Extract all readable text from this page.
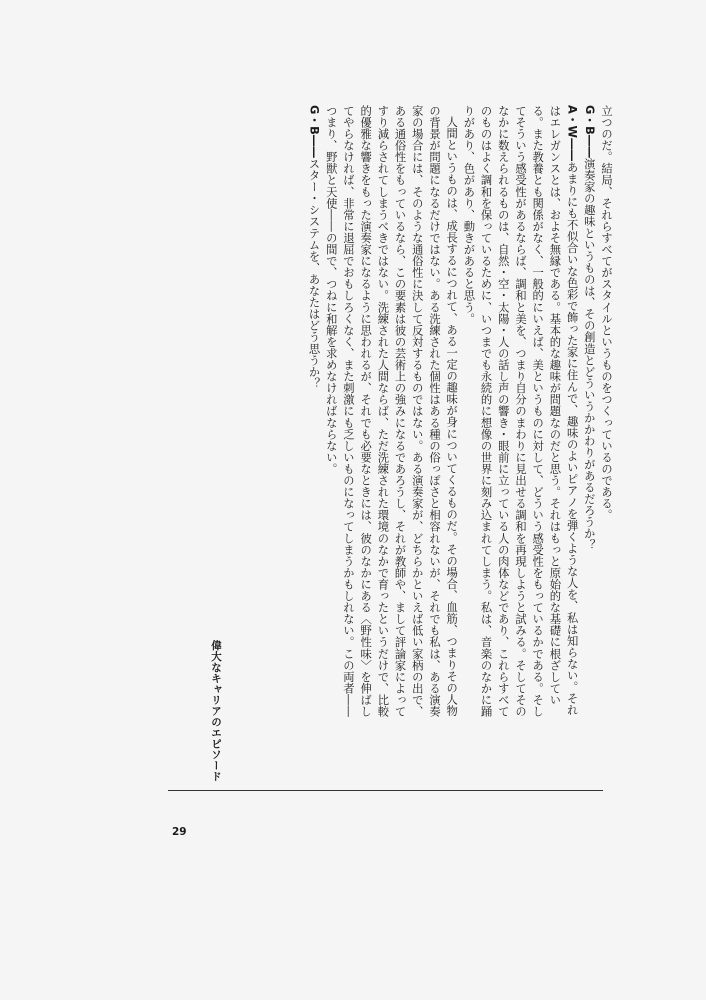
立つのだ。結局、それらすべてがスタイルというものをつくっているのである。

G・B――演奏家の趣味というものは、その創造とどういうかかわりがあるだろうか？

A・W――あまりにも不似合いな色彩で飾った家に住んで、趣味のよいピアノを弾くような人を、私は知らない。それはエレガンスとは、およそ無縁である。基本的な趣味が問題なのだと思う。それはもっと原始的な基礎に根ざしている。また教養とも関係がなく、一般的にいえば、美というものに対して、どういう感受性をもっているかである。そしてそういう感受性があるならば、調和と美を、つまり自分のまわりに見出せる調和を再現しようと試みる。そしてそのなかに数えられるものは、自然・空・太陽・人の話し声の響き・眼前に立っている人の肉体などであり、これらすべてのものはよく調和を保っているために、いつまでも永続的に想像の世界に刻み込まれてしまう。私は、音楽のなかに踊りがあり、色があり、動きがあると思う。

人間というものは、成長するにつれて、ある一定の趣味が身についてくるものだ。その場合、血筋、つまりその人物の背景が問題になるだけではない。ある洗練された個性はある種の俗っぽさと相容れないが、それでも私は、ある演奏家の場合には、そのような通俗性に決して反対するものではない。ある演奏家が、どちらかといえば低い家柄の出で、ある通俗性をもっているなら、この要素は彼の芸術上の強みになるであろうし、それが教師や、まして評論家によってすり減らされてしまうべきではない。洗練された人間ならば、ただ洗練された環境のなかで育ったというだけで、比較的優雅な響きをもった演奏家になるように思われるが、それでも必要なときには、彼のなかにある〈野性味〉を伸ばしてやらなければ、非常に退屈でおもしろくなく、また刺激にも乏しいものになってしまうかもしれない。この両者――つまり、野獣と天使――の間で、つねに和解を求めなければならない。

G・B――スター・システムを、あなたはどう思うか？

偉大なキャリアのエピソード
29
